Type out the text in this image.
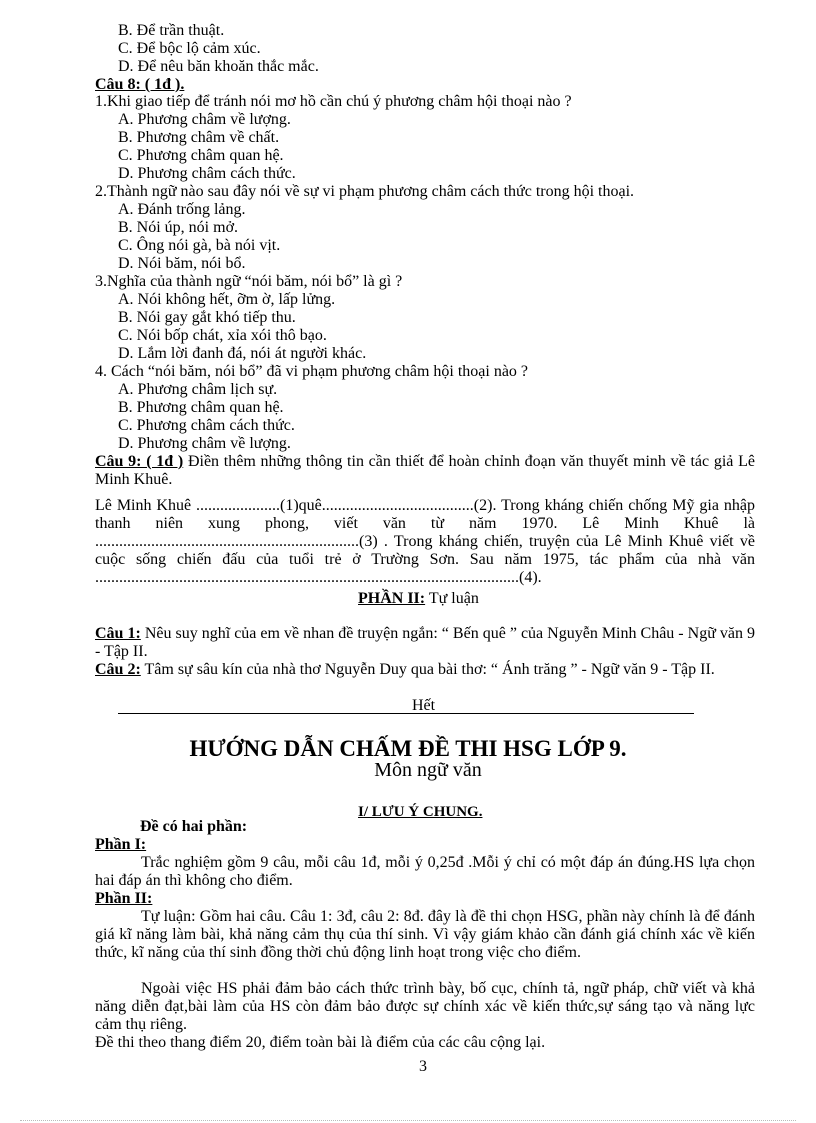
B. Để trần thuật.
C. Để bộc lộ cảm xúc.
D. Để nêu băn khoăn thắc mắc.
Câu 8: ( 1đ ).
1.Khi giao tiếp để tránh nói mơ hồ cần chú ý phương châm hội thoại nào ?
A. Phương châm về lượng.
B. Phương châm về chất.
C. Phương châm quan hệ.
D. Phương châm cách thức.
2.Thành ngữ nào sau đây nói về sự vi phạm phương châm cách thức trong hội thoại.
A. Đánh trống lảng.
B. Nói úp, nói mở.
C. Ông nói gà, bà nói vịt.
D. Nói băm, nói bổ.
3.Nghĩa của thành ngữ “nói băm, nói bổ” là gì ?
A. Nói không hết, ỡm ờ, lấp lửng.
B. Nói gay gắt khó tiếp thu.
C. Nói bốp chát, xỉa xói thô bạo.
D. Lắm lời đanh đá, nói át người khác.
4. Cách “nói băm, nói bổ” đã vi phạm phương châm hội thoại nào ?
A. Phương châm lịch sự.
B. Phương châm quan hệ.
C. Phương châm cách thức.
D. Phương châm về lượng.
Câu 9: ( 1đ ) Điền thêm những thông tin cần thiết để hoàn chỉnh đoạn văn thuyết minh về tác giả Lê Minh Khuê.
Lê Minh Khuê .....................(1)quê......................................(2). Trong kháng chiến chống Mỹ gia nhập thanh niên xung phong, viết văn từ năm 1970. Lê Minh Khuê là ..................................................................(3) . Trong kháng chiến, truyện của Lê Minh Khuê viết về cuộc sống chiến đấu của tuổi trẻ ở Trường Sơn. Sau năm 1975, tác phẩm của nhà văn ..........................................................................................................(4).
PHẦN II: Tự luận
Câu 1: Nêu suy nghĩ của em về nhan đề truyện ngắn: “ Bến quê ” của Nguyễn Minh Châu - Ngữ văn 9 - Tập II.
Câu 2: Tâm sự sâu kín của nhà thơ Nguyễn Duy qua bài thơ: “ Ánh trăng ” - Ngữ văn 9 - Tập II.
Hết
HƯỚNG DẪN CHẤM ĐỀ THI HSG LỚP 9.
Môn ngữ văn
I/ LƯU Ý CHUNG.
Đề có hai phần:
Phần I:
Trắc nghiệm gồm 9 câu, mỗi câu 1đ, mỗi ý 0,25đ .Mỗi ý chỉ có một đáp án đúng.HS lựa chọn hai đáp án thì không cho điểm.
Phần II:
Tự luận: Gồm hai câu. Câu 1: 3đ, câu 2: 8đ. đây là đề thi chọn HSG, phần này chính là để đánh giá kĩ năng làm bài, khả năng cảm thụ của thí sinh. Vì vậy giám khảo cần đánh giá chính xác về kiến thức, kĩ năng của thí sinh đồng thời chủ động linh hoạt trong việc cho điểm.
Ngoài việc HS phải đảm bảo cách thức trình bày, bố cục, chính tả, ngữ pháp, chữ viết và khả năng diễn đạt,bài làm của HS còn đảm bảo được sự chính xác về kiến thức,sự sáng tạo và năng lực cảm thụ riêng.
Đề thi theo thang điểm 20, điểm toàn bài là điểm của các câu cộng lại.
3
